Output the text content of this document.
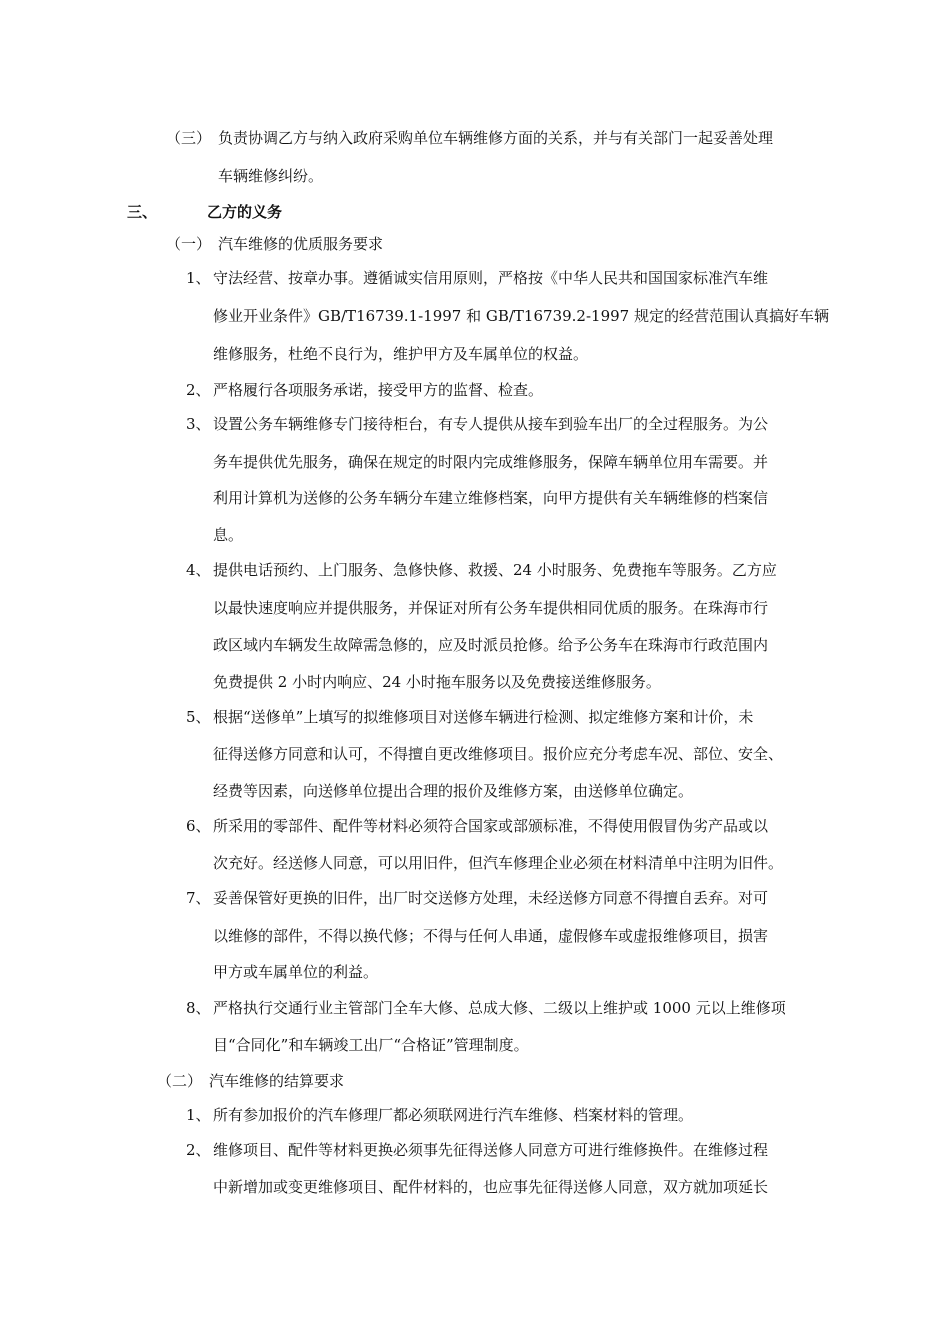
（三） 负责协调乙方与纳入政府采购单位车辆维修方面的关系，并与有关部门一起妥善处理
车辆维修纠纷。
三、	乙方的义务
（一） 汽车维修的优质服务要求
1、 守法经营、按章办事。遵循诚实信用原则，严格按《中华人民共和国国家标准汽车维
修业开业条件》GB/T16739.1-1997 和 GB/T16739.2-1997 规定的经营范围认真搞好车辆
维修服务，杜绝不良行为，维护甲方及车属单位的权益。
2、 严格履行各项服务承诺，接受甲方的监督、检查。
3、 设置公务车辆维修专门接待柜台，有专人提供从接车到验车出厂的全过程服务。为公
务车提供优先服务，确保在规定的时限内完成维修服务，保障车辆单位用车需要。并
利用计算机为送修的公务车辆分车建立维修档案，向甲方提供有关车辆维修的档案信
息。
4、 提供电话预约、上门服务、急修快修、救援、24 小时服务、免费拖车等服务。乙方应
以最快速度响应并提供服务，并保证对所有公务车提供相同优质的服务。在珠海市行
政区域内车辆发生故障需急修的，应及时派员抢修。给予公务车在珠海市行政范围内
免费提供 2 小时内响应、24 小时拖车服务以及免费接送维修服务。
5、 根据“送修单”上填写的拟维修项目对送修车辆进行检测、拟定维修方案和计价，未
征得送修方同意和认可，不得擅自更改维修项目。报价应充分考虑车况、部位、安全、
经费等因素，向送修单位提出合理的报价及维修方案，由送修单位确定。
6、 所采用的零部件、配件等材料必须符合国家或部颁标准，不得使用假冒伪劣产品或以
次充好。经送修人同意，可以用旧件，但汽车修理企业必须在材料清单中注明为旧件。
7、 妥善保管好更换的旧件，出厂时交送修方处理，未经送修方同意不得擅自丢弃。对可
以维修的部件，不得以换代修；不得与任何人串通，虚假修车或虚报维修项目，损害
甲方或车属单位的利益。
8、 严格执行交通行业主管部门全车大修、总成大修、二级以上维护或 1000 元以上维修项
目“合同化”和车辆竣工出厂“合格证”管理制度。
（二） 汽车维修的结算要求
1、 所有参加报价的汽车修理厂都必须联网进行汽车维修、档案材料的管理。
2、 维修项目、配件等材料更换必须事先征得送修人同意方可进行维修换件。在维修过程
中新增加或变更维修项目、配件材料的，也应事先征得送修人同意，双方就加项延长
